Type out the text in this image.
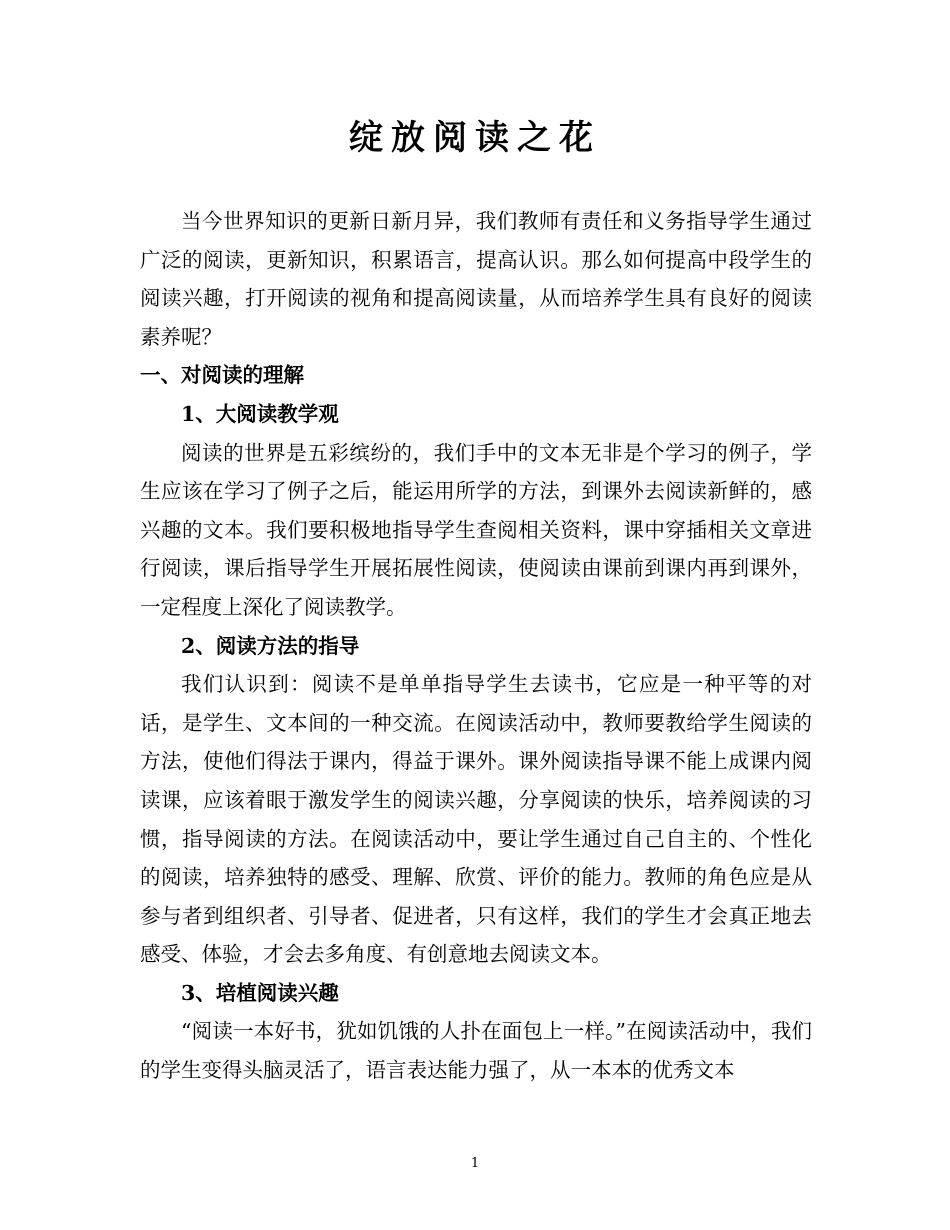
绽放阅读之花

当今世界知识的更新日新月异，我们教师有责任和义务指导学生通过广泛的阅读，更新知识，积累语言，提高认识。那么如何提高中段学生的阅读兴趣，打开阅读的视角和提高阅读量，从而培养学生具有良好的阅读素养呢？

一、对阅读的理解

1、大阅读教学观

阅读的世界是五彩缤纷的，我们手中的文本无非是个学习的例子，学生应该在学习了例子之后，能运用所学的方法，到课外去阅读新鲜的，感兴趣的文本。我们要积极地指导学生查阅相关资料，课中穿插相关文章进行阅读，课后指导学生开展拓展性阅读，使阅读由课前到课内再到课外，一定程度上深化了阅读教学。

2、阅读方法的指导

我们认识到：阅读不是单单指导学生去读书，它应是一种平等的对话，是学生、文本间的一种交流。在阅读活动中，教师要教给学生阅读的方法，使他们得法于课内，得益于课外。课外阅读指导课不能上成课内阅读课，应该着眼于激发学生的阅读兴趣，分享阅读的快乐，培养阅读的习惯，指导阅读的方法。在阅读活动中，要让学生通过自己自主的、个性化的阅读，培养独特的感受、理解、欣赏、评价的能力。教师的角色应是从参与者到组织者、引导者、促进者，只有这样，我们的学生才会真正地去感受、体验，才会去多角度、有创意地去阅读文本。

3、培植阅读兴趣

“阅读一本好书，犹如饥饿的人扑在面包上一样。”在阅读活动中，我们的学生变得头脑灵活了，语言表达能力强了，从一本本的优秀文本

1
